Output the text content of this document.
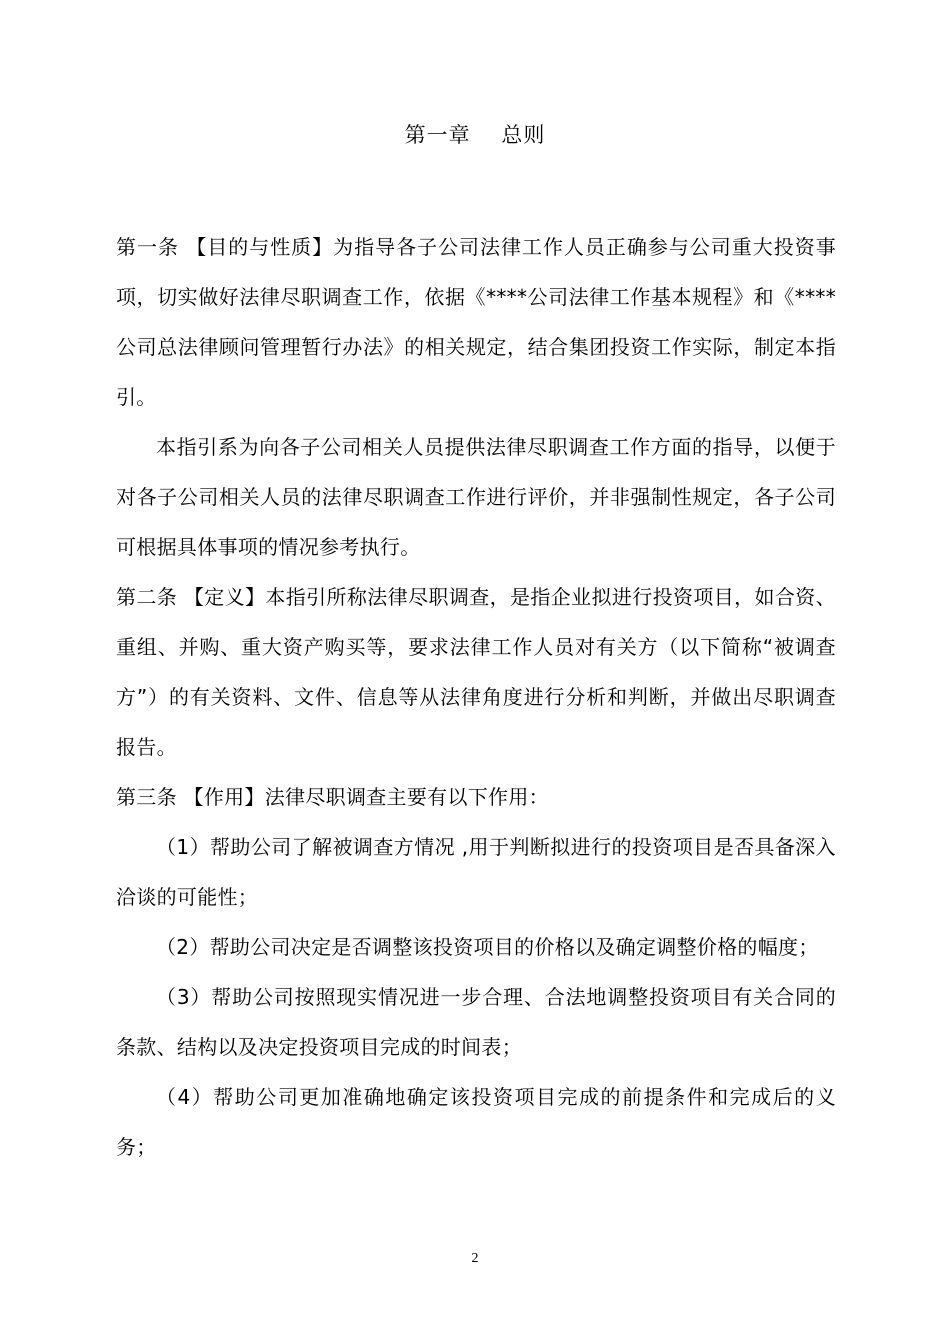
第一章    总则

第一条 【目的与性质】为指导各子公司法律工作人员正确参与公司重大投资事项，切实做好法律尽职调查工作，依据《****公司法律工作基本规程》和《****公司总法律顾问管理暂行办法》的相关规定，结合集团投资工作实际，制定本指引。

本指引系为向各子公司相关人员提供法律尽职调查工作方面的指导，以便于对各子公司相关人员的法律尽职调查工作进行评价，并非强制性规定，各子公司可根据具体事项的情况参考执行。

第二条 【定义】本指引所称法律尽职调查，是指企业拟进行投资项目，如合资、重组、并购、重大资产购买等，要求法律工作人员对有关方（以下简称“被调查方”）的有关资料、文件、信息等从法律角度进行分析和判断，并做出尽职调查报告。

第三条 【作用】法律尽职调查主要有以下作用：

（1）帮助公司了解被调查方情况 ,用于判断拟进行的投资项目是否具备深入洽谈的可能性；

（2）帮助公司决定是否调整该投资项目的价格以及确定调整价格的幅度；

（3）帮助公司按照现实情况进一步合理、合法地调整投资项目有关合同的条款、结构以及决定投资项目完成的时间表；

（4）帮助公司更加准确地确定该投资项目完成的前提条件和完成后的义务；

2
